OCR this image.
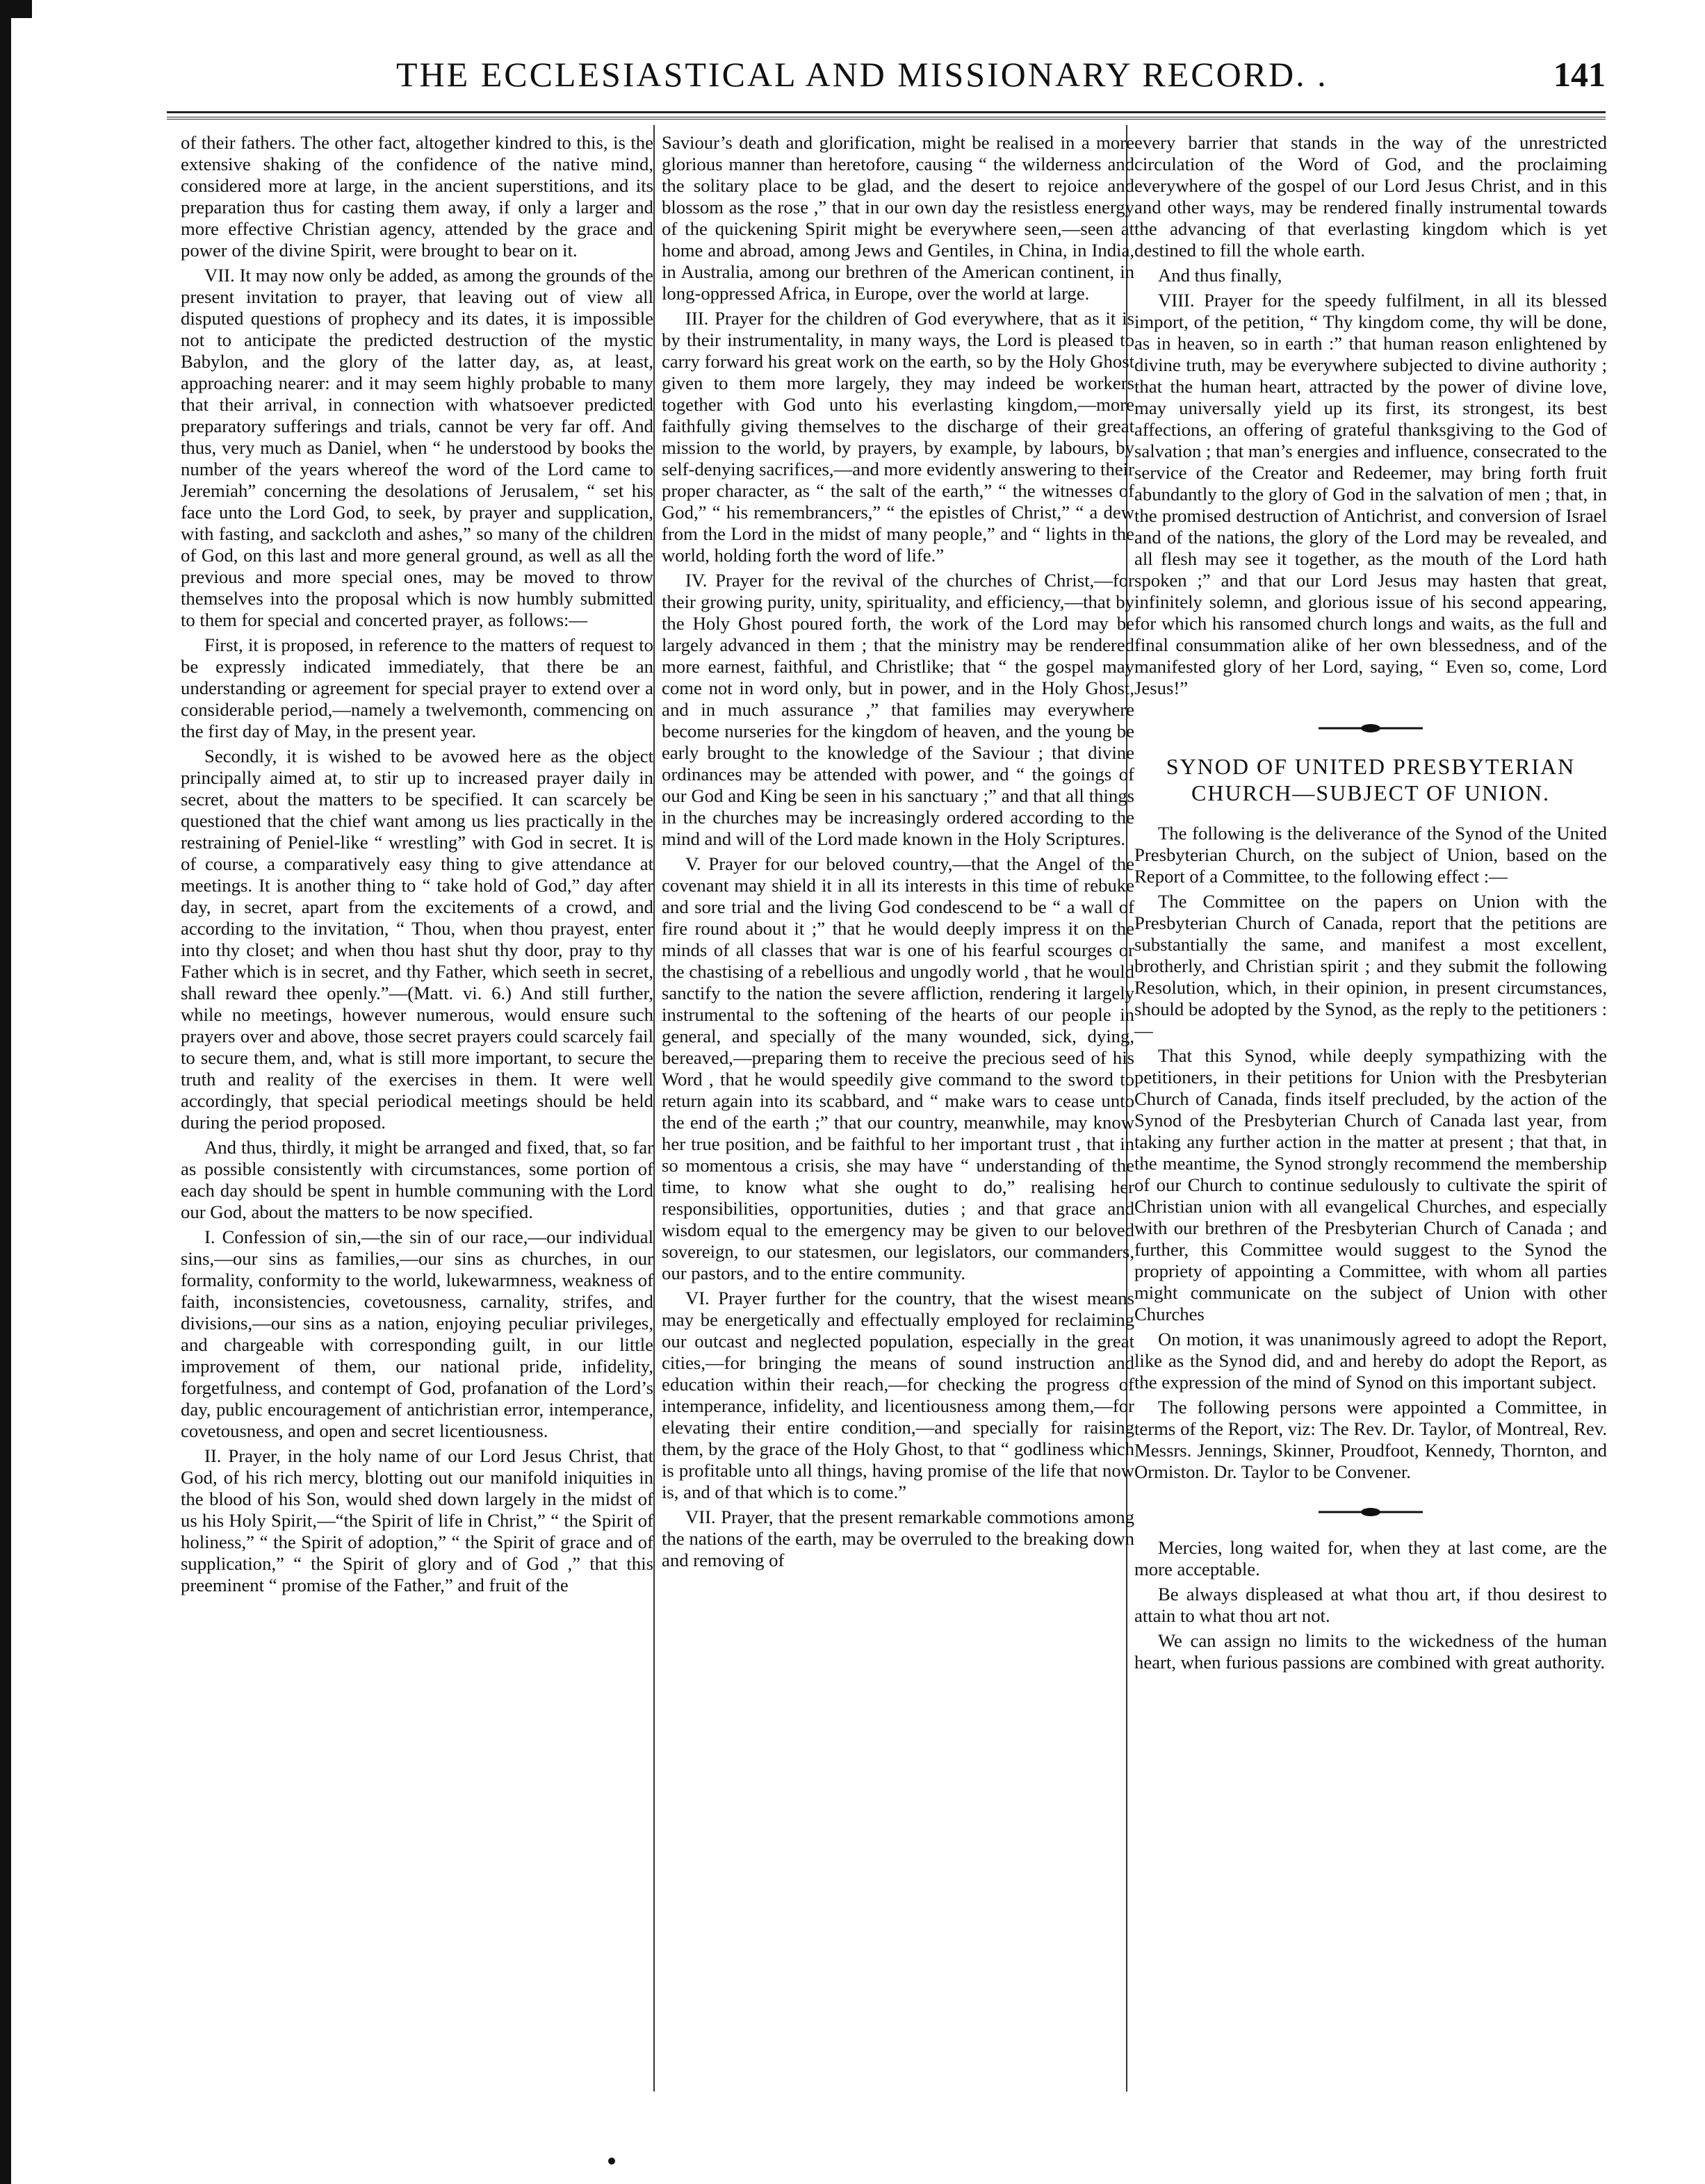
THE ECCLESIASTICAL AND MISSIONARY RECORD. .	141

of their fathers. The other fact, altogether kindred to this, is the extensive shaking of the confidence of the native mind, considered more at large, in the ancient superstitions, and its preparation thus for casting them away, if only a larger and more effective Christian agency, attended by the grace and power of the divine Spirit, were brought to bear on it.

VII. It may now only be added, as among the grounds of the present invitation to prayer, that leaving out of view all disputed questions of prophecy and its dates, it is impossible not to anticipate the predicted destruction of the mystic Babylon, and the glory of the latter day, as, at least, approaching nearer: and it may seem highly probable to many that their arrival, in connection with whatsoever predicted preparatory sufferings and trials, cannot be very far off. And thus, very much as Daniel, when “ he understood by books the number of the years whereof the word of the Lord came to Jeremiah” concerning the desolations of Jerusalem, “ set his face unto the Lord God, to seek, by prayer and supplication, with fasting, and sackcloth and ashes,” so many of the children of God, on this last and more general ground, as well as all the previous and more special ones, may be moved to throw themselves into the proposal which is now humbly submitted to them for special and concerted prayer, as follows:—

First, it is proposed, in reference to the matters of request to be expressly indicated immediately, that there be an understanding or agreement for special prayer to extend over a considerable period,—namely a twelvemonth, commencing on the first day of May, in the present year.

Secondly, it is wished to be avowed here as the object principally aimed at, to stir up to increased prayer daily in secret, about the matters to be specified. It can scarcely be questioned that the chief want among us lies practically in the restraining of Peniel-like “ wrestling” with God in secret. It is of course, a comparatively easy thing to give attendance at meetings. It is another thing to “ take hold of God,” day after day, in secret, apart from the excitements of a crowd, and according to the invitation, “ Thou, when thou prayest, enter into thy closet; and when thou hast shut thy door, pray to thy Father which is in secret, and thy Father, which seeth in secret, shall reward thee openly.”—(Matt. vi. 6.) And still further, while no meetings, however numerous, would ensure such prayers over and above, those secret prayers could scarcely fail to secure them, and, what is still more important, to secure the truth and reality of the exercises in them. It were well accordingly, that special periodical meetings should be held during the period proposed.

And thus, thirdly, it might be arranged and fixed, that, so far as possible consistently with circumstances, some portion of each day should be spent in humble communing with the Lord our God, about the matters to be now specified.

I. Confession of sin,—the sin of our race,—our individual sins,—our sins as families,—our sins as churches, in our formality, conformity to the world, lukewarmness, weakness of faith, inconsistencies, covetousness, carnality, strifes, and divisions,—our sins as a nation, enjoying peculiar privileges, and chargeable with corresponding guilt, in our little improvement of them, our national pride, infidelity, forgetfulness, and contempt of God, profanation of the Lord’s day, public encouragement of antichristian error, intemperance, covetousness, and open and secret licentiousness.

II. Prayer, in the holy name of our Lord Jesus Christ, that God, of his rich mercy, blotting out our manifold iniquities in the blood of his Son, would shed down largely in the midst of us his Holy Spirit,—“the Spirit of life in Christ,” “ the Spirit of holiness,” “ the Spirit of adoption,” “ the Spirit of grace and of supplication,” “ the Spirit of glory and of God ,” that this preeminent “ promise of the Father,” and fruit of the

Saviour’s death and glorification, might be realised in a more glorious manner than heretofore, causing “ the wilderness and the solitary place to be glad, and the desert to rejoice and blossom as the rose ,” that in our own day the resistless energy of the quickening Spirit might be everywhere seen,—seen at home and abroad, among Jews and Gentiles, in China, in India, in Australia, among our brethren of the American continent, in long-oppressed Africa, in Europe, over the world at large.

III. Prayer for the children of God everywhere, that as it is by their instrumentality, in many ways, the Lord is pleased to carry forward his great work on the earth, so by the Holy Ghost given to them more largely, they may indeed be workers together with God unto his everlasting kingdom,—more faithfully giving themselves to the discharge of their great mission to the world, by prayers, by example, by labours, by self-denying sacrifices,—and more evidently answering to their proper character, as “ the salt of the earth,” “ the witnesses of God,” “ his remembrancers,” “ the epistles of Christ,” “ a dew from the Lord in the midst of many people,” and “ lights in the world, holding forth the word of life.”

IV. Prayer for the revival of the churches of Christ,—for their growing purity, unity, spirituality, and efficiency,—that by the Holy Ghost poured forth, the work of the Lord may be largely advanced in them ; that the ministry may be rendered more earnest, faithful, and Christlike; that “ the gospel may come not in word only, but in power, and in the Holy Ghost, and in much assurance ,” that families may everywhere become nurseries for the kingdom of heaven, and the young be early brought to the knowledge of the Saviour ; that divine ordinances may be attended with power, and “ the goings of our God and King be seen in his sanctuary ;” and that all things in the churches may be increasingly ordered according to the mind and will of the Lord made known in the Holy Scriptures.

V. Prayer for our beloved country,—that the Angel of the covenant may shield it in all its interests in this time of rebuke and sore trial and the living God condescend to be “ a wall of fire round about it ;” that he would deeply impress it on the minds of all classes that war is one of his fearful scourges or the chastising of a rebellious and ungodly world , that he would sanctify to the nation the severe affliction, rendering it largely instrumental to the softening of the hearts of our people in general, and specially of the many wounded, sick, dying, bereaved,—preparing them to receive the precious seed of his Word , that he would speedily give command to the sword to return again into its scabbard, and “ make wars to cease unto the end of the earth ;” that our country, meanwhile, may know her true position, and be faithful to her important trust , that in so momentous a crisis, she may have “ understanding of the time, to know what she ought to do,” realising her responsibilities, opportunities, duties ; and that grace and wisdom equal to the emergency may be given to our beloved sovereign, to our statesmen, our legislators, our commanders, our pastors, and to the entire community.

VI. Prayer further for the country, that the wisest means may be energetically and effectually employed for reclaiming our outcast and neglected population, especially in the great cities,—for bringing the means of sound instruction and education within their reach,—for checking the progress of intemperance, infidelity, and licentiousness among them,—for elevating their entire condition,—and specially for raising them, by the grace of the Holy Ghost, to that “ godliness which is profitable unto all things, having promise of the life that now is, and of that which is to come.”

VII. Prayer, that the present remarkable commotions among the nations of the earth, may be overruled to the breaking down and removing of

every barrier that stands in the way of the unrestricted circulation of the Word of God, and the proclaiming everywhere of the gospel of our Lord Jesus Christ, and in this and other ways, may be rendered finally instrumental towards the advancing of that everlasting kingdom which is yet destined to fill the whole earth.

And thus finally,

VIII. Prayer for the speedy fulfilment, in all its blessed import, of the petition, “ Thy kingdom come, thy will be done, as in heaven, so in earth :” that human reason enlightened by divine truth, may be everywhere subjected to divine authority ; that the human heart, attracted by the power of divine love, may universally yield up its first, its strongest, its best affections, an offering of grateful thanksgiving to the God of salvation ; that man’s energies and influence, consecrated to the service of the Creator and Redeemer, may bring forth fruit abundantly to the glory of God in the salvation of men ; that, in the promised destruction of Antichrist, and conversion of Israel and of the nations, the glory of the Lord may be revealed, and all flesh may see it together, as the mouth of the Lord hath spoken ;” and that our Lord Jesus may hasten that great, infinitely solemn, and glorious issue of his second appearing, for which his ransomed church longs and waits, as the full and final consummation alike of her own blessedness, and of the manifested glory of her Lord, saying, “ Even so, come, Lord Jesus!”

SYNOD OF UNITED PRESBYTERIAN CHURCH—SUBJECT OF UNION.

The following is the deliverance of the Synod of the United Presbyterian Church, on the subject of Union, based on the Report of a Committee, to the following effect :—

The Committee on the papers on Union with the Presbyterian Church of Canada, report that the petitions are substantially the same, and manifest a most excellent, brotherly, and Christian spirit ; and they submit the following Resolution, which, in their opinion, in present circumstances, should be adopted by the Synod, as the reply to the petitioners :—

That this Synod, while deeply sympathizing with the petitioners, in their petitions for Union with the Presbyterian Church of Canada, finds itself precluded, by the action of the Synod of the Presbyterian Church of Canada last year, from taking any further action in the matter at present ; that that, in the meantime, the Synod strongly recommend the membership of our Church to continue sedulously to cultivate the spirit of Christian union with all evangelical Churches, and especially with our brethren of the Presbyterian Church of Canada ; and further, this Committee would suggest to the Synod the propriety of appointing a Committee, with whom all parties might communicate on the subject of Union with other Churches

On motion, it was unanimously agreed to adopt the Report, like as the Synod did, and and hereby do adopt the Report, as the expression of the mind of Synod on this important subject.

The following persons were appointed a Committee, in terms of the Report, viz: The Rev. Dr. Taylor, of Montreal, Rev. Messrs. Jennings, Skinner, Proudfoot, Kennedy, Thornton, and Ormiston. Dr. Taylor to be Convener.

Mercies, long waited for, when they at last come, are the more acceptable.

Be always displeased at what thou art, if thou desirest to attain to what thou art not.

We can assign no limits to the wickedness of the human heart, when furious passions are combined with great authority.
